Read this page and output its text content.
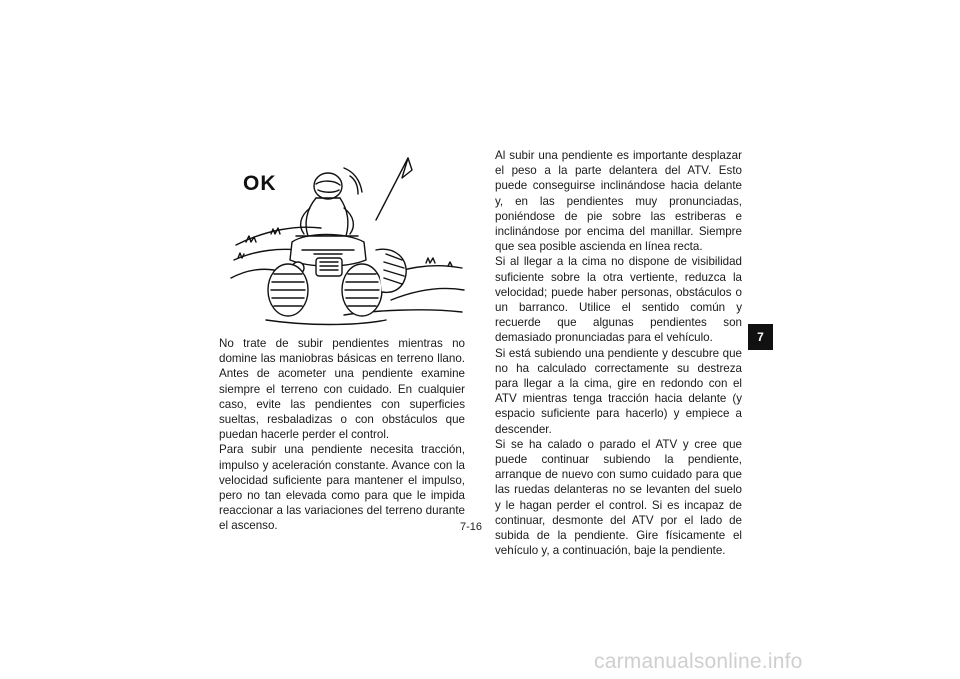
OK

No trate de subir pendientes mientras no domine las maniobras básicas en terreno llano. Antes de acometer una pendiente examine siempre el terreno con cuidado. En cualquier caso, evite las pendientes con superficies sueltas, resbaladizas o con obstáculos que puedan hacerle perder el control.

Para subir una pendiente necesita tracción, impulso y aceleración constante. Avance con la velocidad suficiente para mantener el impulso, pero no tan elevada como para que le impida reaccionar a las variaciones del terreno durante el ascenso.

Al subir una pendiente es importante desplazar el peso a la parte delantera del ATV. Esto puede conseguirse inclinándose hacia delante y, en las pendientes muy pronunciadas, poniéndose de pie sobre las estriberas e inclinándose por encima del manillar. Siempre que sea posible ascienda en línea recta.

Si al llegar a la cima no dispone de visibilidad suficiente sobre la otra vertiente, reduzca la velocidad; puede haber personas, obstáculos o un barranco. Utilice el sentido común y recuerde que algunas pendientes son demasiado pronunciadas para el vehículo.

Si está subiendo una pendiente y descubre que no ha calculado correctamente su destreza para llegar a la cima, gire en redondo con el ATV mientras tenga tracción hacia delante (y espacio suficiente para hacerlo) y empiece a descender.

Si se ha calado o parado el ATV y cree que puede continuar subiendo la pendiente, arranque de nuevo con sumo cuidado para que las ruedas delanteras no se levanten del suelo y le hagan perder el control. Si es incapaz de continuar, desmonte del ATV por el lado de subida de la pendiente. Gire físicamente el vehículo y, a continuación, baje la pendiente.

7
7-16
carmanualsonline.info
